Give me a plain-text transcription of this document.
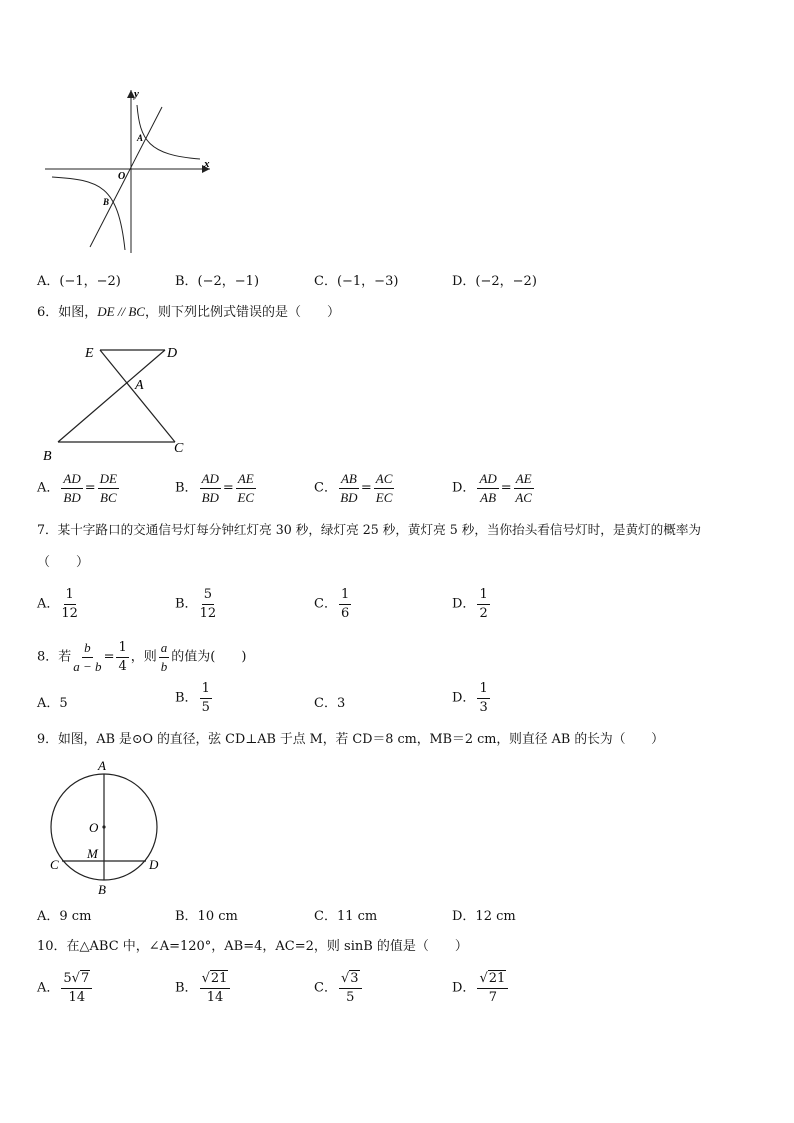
y
x
O
A
B
A．(−1，−2)	B．(−2，−1)	C．(−1，−3)	D．(−2，−2)
6．如图，DE // BC，则下列比例式错误的是（　　）
E	D
A
B
C
A． $\frac{AD}{BD} = \frac{DE}{BC}$	B． $\frac{AD}{BD} = \frac{AE}{EC}$	C． $\frac{AB}{BD} = \frac{AC}{EC}$	D． $\frac{AD}{AB} = \frac{AE}{AC}$
7．某十字路口的交通信号灯每分钟红灯亮 30 秒，绿灯亮 25 秒，黄灯亮 5 秒，当你抬头看信号灯时，是黄灯的概率为
（　　）
A． $\frac{1}{12}$	B． $\frac{5}{12}$	C． $\frac{1}{6}$	D． $\frac{1}{2}$
8．若 $\frac{b}{a - b} = \frac{1}{4}$ ，则 $\frac{a}{b}$ 的值为(　　)
A．5	B． $\frac{1}{5}$	C．3	D． $\frac{1}{3}$
9．如图，AB 是⊙O 的直径，弦 CD⊥AB 于点 M，若 CD＝8 cm，MB＝2 cm，则直径 AB 的长为（　　）
A
O
M
C	D
B
A．9 cm	B．10 cm	C．11 cm	D．12 cm
10．在△ABC 中，∠A=120°，AB=4，AC=2，则 sinB 的值是（　　）
A． $\frac{5√7}{14}$	B． $\frac{√21}{14}$	C． $\frac{√3}{5}$	D． $\frac{√21}{7}$
